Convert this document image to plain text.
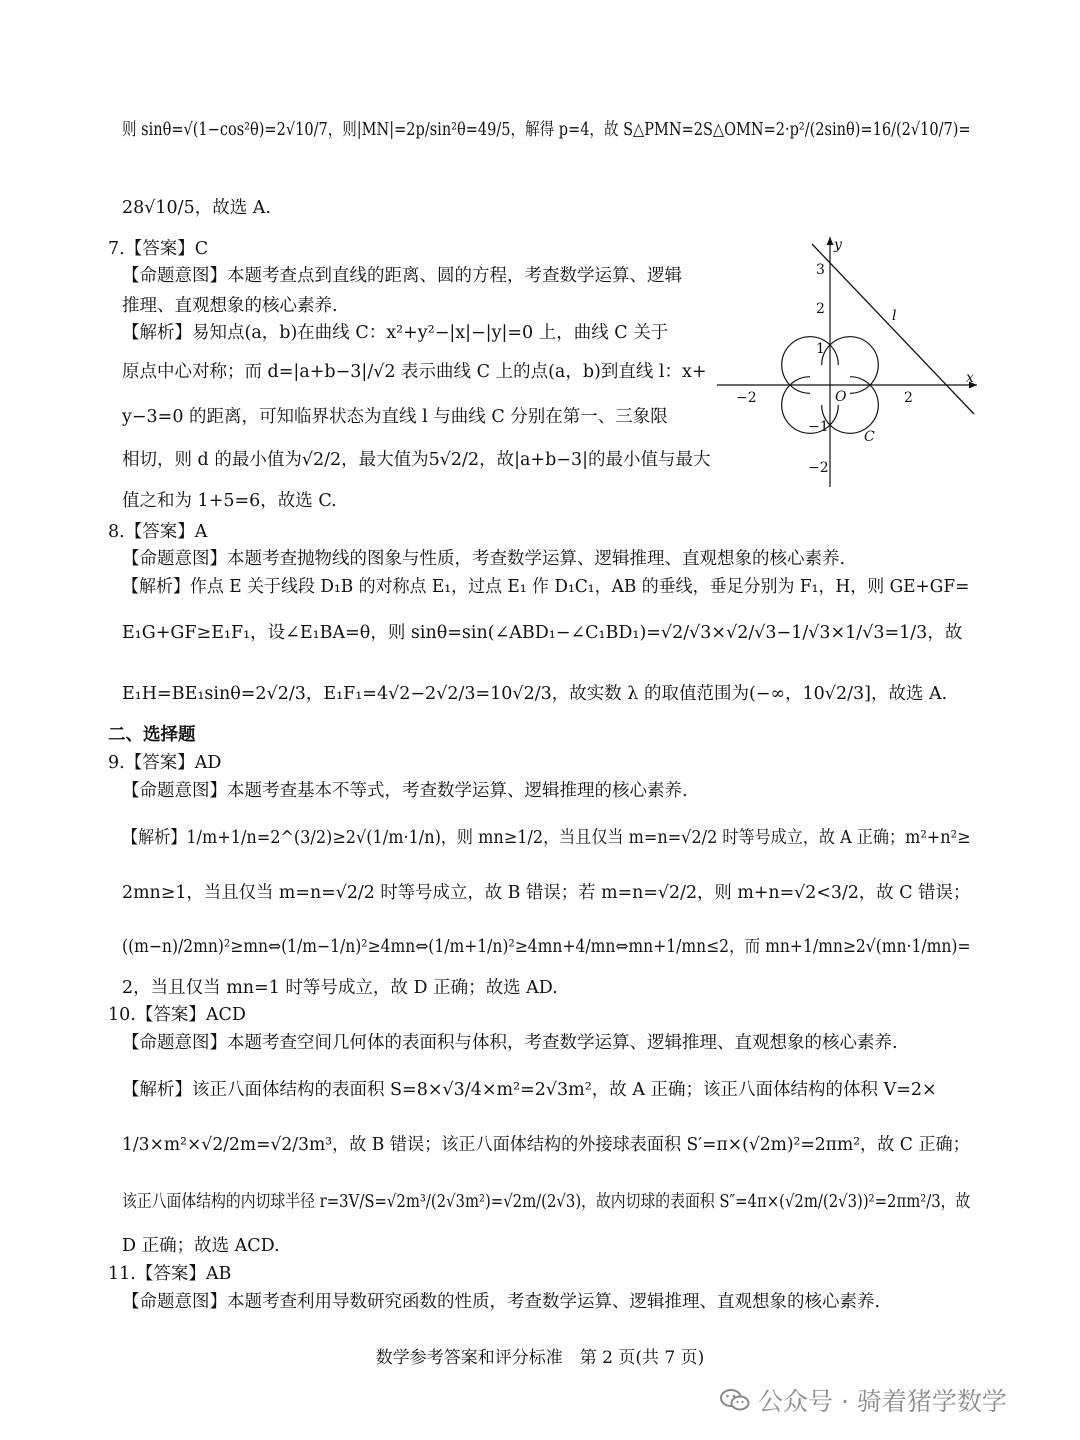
则 sinθ=√(1−cos²θ)=2√10/7，则|MN|=2p/sin²θ=49/5，解得 p=4，故 S△PMN=2S△OMN=2·p²/(2sinθ)=16/(2√10/7)=
28√10/5，故选 A.
7.【答案】C
【命题意图】本题考查点到直线的距离、圆的方程，考查数学运算、逻辑
推理、直观想象的核心素养.
【解析】易知点(a，b)在曲线 C：x²+y²−|x|−|y|=0 上，曲线 C 关于
原点中心对称；而 d=|a+b−3|/√2 表示曲线 C 上的点(a，b)到直线 l：x+
y−3=0 的距离，可知临界状态为直线 l 与曲线 C 分别在第一、三象限
相切，则 d 的最小值为√2/2，最大值为5√2/2，故|a+b−3|的最小值与最大
值之和为 1+5=6，故选 C.
y
x
O
l
C
−2	2
3
2
1
−1
−2
8.【答案】A
【命题意图】本题考查抛物线的图象与性质，考查数学运算、逻辑推理、直观想象的核心素养.
【解析】作点 E 关于线段 D₁B 的对称点 E₁，过点 E₁ 作 D₁C₁，AB 的垂线，垂足分别为 F₁，H，则 GE+GF=
E₁G+GF≥E₁F₁，设∠E₁BA=θ，则 sinθ=sin(∠ABD₁−∠C₁BD₁)=√2/√3×√2/√3−1/√3×1/√3=1/3，故
E₁H=BE₁sinθ=2√2/3，E₁F₁=4√2−2√2/3=10√2/3，故实数 λ 的取值范围为(−∞，10√2/3]，故选 A.
二、选择题
9.【答案】AD
【命题意图】本题考查基本不等式，考查数学运算、逻辑推理的核心素养.
【解析】1/m+1/n=2^(3/2)≥2√(1/m·1/n)，则 mn≥1/2，当且仅当 m=n=√2/2 时等号成立，故 A 正确；m²+n²≥
2mn≥1，当且仅当 m=n=√2/2 时等号成立，故 B 错误；若 m=n=√2/2，则 m+n=√2<3/2，故 C 错误；
((m−n)/2mn)²≥mn⇔(1/m−1/n)²≥4mn⇔(1/m+1/n)²≥4mn+4/mn⇔mn+1/mn≤2，而 mn+1/mn≥2√(mn·1/mn)=
2，当且仅当 mn=1 时等号成立，故 D 正确；故选 AD.
10.【答案】ACD
【命题意图】本题考查空间几何体的表面积与体积，考查数学运算、逻辑推理、直观想象的核心素养.
【解析】该正八面体结构的表面积 S=8×√3/4×m²=2√3m²，故 A 正确；该正八面体结构的体积 V=2×
1/3×m²×√2/2m=√2/3m³，故 B 错误；该正八面体结构的外接球表面积 S′=π×(√2m)²=2πm²，故 C 正确；
该正八面体结构的内切球半径 r=3V/S=√2m³/(2√3m²)=√2m/(2√3)，故内切球的表面积 S″=4π×(√2m/(2√3))²=2πm²/3，故
D 正确；故选 ACD.
11.【答案】AB
【命题意图】本题考查利用导数研究函数的性质，考查数学运算、逻辑推理、直观想象的核心素养.
数学参考答案和评分标准　第 2 页(共 7 页)
公众号 · 骑着猪学数学
